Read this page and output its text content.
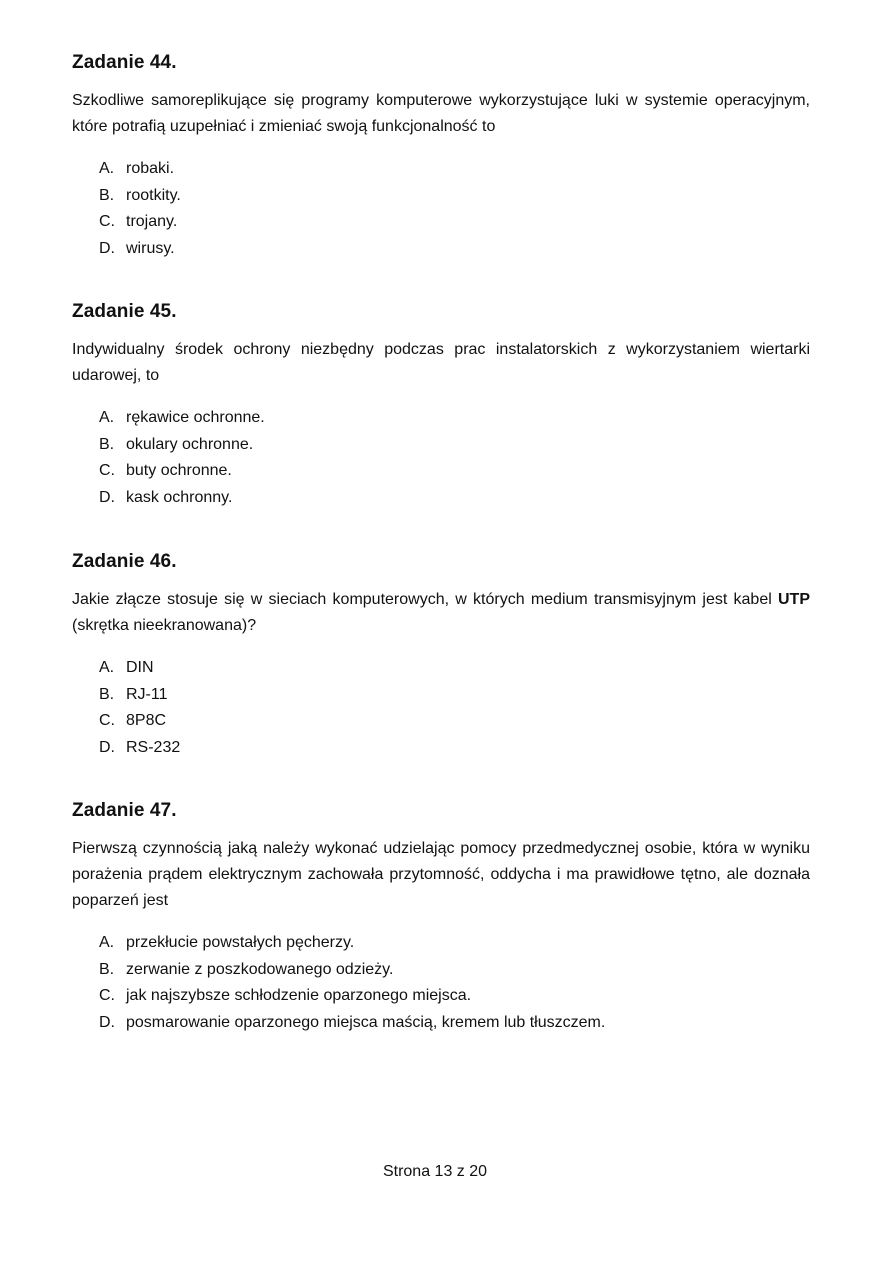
Zadanie 44.

Szkodliwe samoreplikujące się programy komputerowe wykorzystujące luki w systemie operacyjnym, które potrafią uzupełniać i zmieniać swoją funkcjonalność to

A. robaki.
B. rootkity.
C. trojany.
D. wirusy.
Zadanie 45.

Indywidualny środek ochrony niezbędny podczas prac instalatorskich z wykorzystaniem wiertarki udarowej, to

A. rękawice ochronne.
B. okulary ochronne.
C. buty ochronne.
D. kask ochronny.
Zadanie 46.

Jakie złącze stosuje się w sieciach komputerowych, w których medium transmisyjnym jest kabel UTP (skrętka nieekranowana)?

A. DIN
B. RJ-11
C. 8P8C
D. RS-232
Zadanie 47.

Pierwszą czynnością jaką należy wykonać udzielając pomocy przedmedycznej osobie, która w wyniku porażenia prądem elektrycznym zachowała przytomność, oddycha i ma prawidłowe tętno, ale doznała poparzeń jest

A. przekłucie powstałych pęcherzy.
B. zerwanie z poszkodowanego odzieży.
C. jak najszybsze schłodzenie oparzonego miejsca.
D. posmarowanie oparzonego miejsca maścią, kremem lub tłuszczem.
Strona 13 z 20
